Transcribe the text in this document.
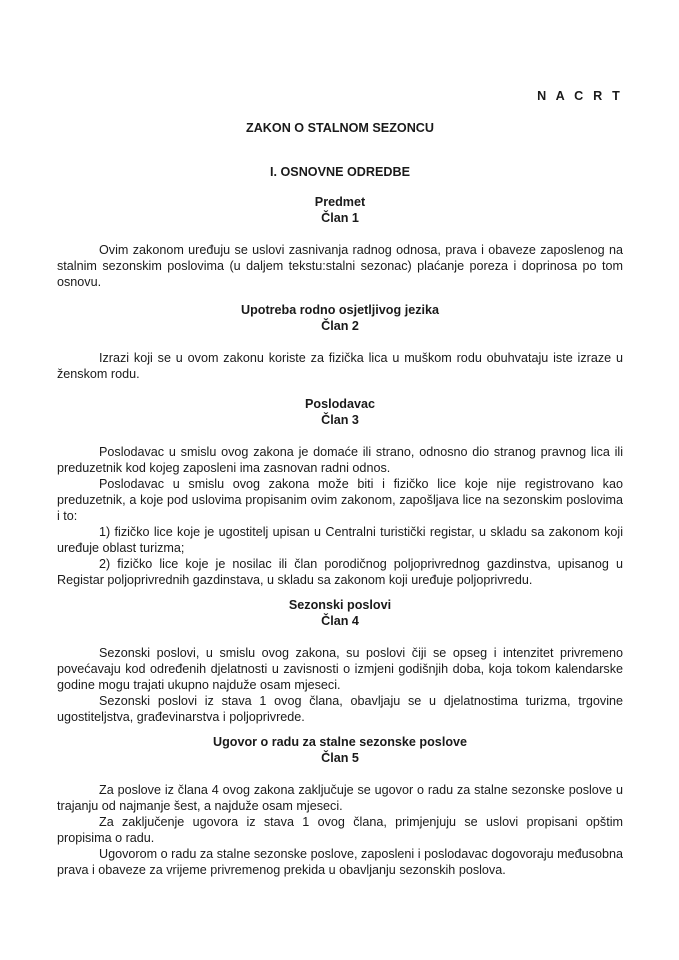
N A C R T
ZAKON O STALNOM SEZONCU
I. OSNOVNE ODREDBE
Predmet
Član 1

Ovim zakonom uređuju se uslovi zasnivanja radnog odnosa, prava i obaveze zaposlenog na stalnim sezonskim poslovima (u daljem tekstu:stalni sezonac) plaćanje poreza i doprinosa po tom osnovu.

Upotreba rodno osjetljivog jezika
Član 2

Izrazi koji se u ovom zakonu koriste za fizička lica u muškom rodu obuhvataju iste izraze u ženskom rodu.

Poslodavac
Član 3

Poslodavac u smislu ovog zakona je domaće ili strano, odnosno dio stranog pravnog lica ili preduzetnik kod kojeg zaposleni ima zasnovan radni odnos.

Poslodavac u smislu ovog zakona može biti i fizičko lice koje nije registrovano kao preduzetnik, a koje pod uslovima propisanim ovim zakonom, zapošljava lice na sezonskim poslovima i to:

1) fizičko lice koje je ugostitelj upisan u Centralni turistički registar, u skladu sa zakonom koji uređuje oblast turizma;

2) fizičko lice koje je nosilac ili član porodičnog poljoprivrednog gazdinstva, upisanog u Registar poljoprivrednih gazdinstava, u skladu sa zakonom koji uređuje poljoprivredu.

Sezonski poslovi
Član 4

Sezonski poslovi, u smislu ovog zakona, su poslovi čiji se opseg i intenzitet privremeno povećavaju kod određenih djelatnosti u zavisnosti o izmjeni godišnjih doba, koja tokom kalendarske godine mogu trajati ukupno najduže osam mjeseci.

Sezonski poslovi iz stava 1 ovog člana, obavljaju se u djelatnostima turizma, trgovine ugostiteljstva, građevinarstva i poljoprivrede.

Ugovor o radu za stalne sezonske poslove
Član 5

Za poslove iz člana 4 ovog zakona zaključuje se ugovor o radu za stalne sezonske poslove u trajanju od najmanje šest, a najduže osam mjeseci.

Za zaključenje ugovora iz stava 1 ovog člana, primjenjuju se uslovi propisani opštim propisima o radu.

Ugovorom o radu za stalne sezonske poslove, zaposleni i poslodavac dogovoraju međusobna prava i obaveze za vrijeme privremenog prekida u obavljanju sezonskih poslova.
